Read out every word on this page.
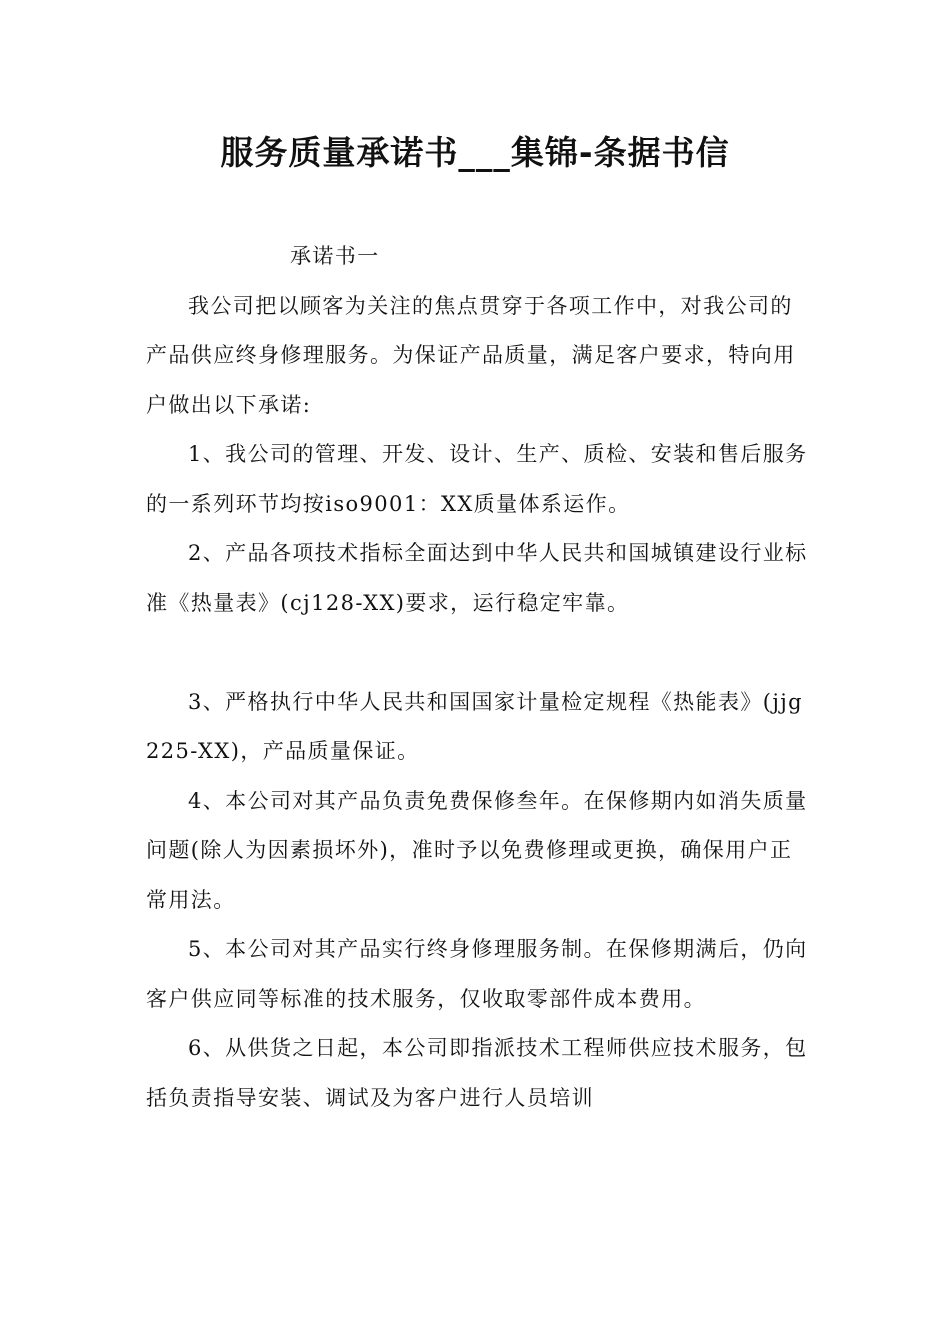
服务质量承诺书___集锦-条据书信

承诺书一

我公司把以顾客为关注的焦点贯穿于各项工作中，对我公司的产品供应终身修理服务。为保证产品质量，满足客户要求，特向用户做出以下承诺:

1、我公司的管理、开发、设计、生产、质检、安装和售后服务的一系列环节均按iso9001：XX质量体系运作。

2、产品各项技术指标全面达到中华人民共和国城镇建设行业标准《热量表》(cj128-XX)要求，运行稳定牢靠。

3、严格执行中华人民共和国国家计量检定规程《热能表》(jjg225-XX)，产品质量保证。

4、本公司对其产品负责免费保修叁年。在保修期内如消失质量问题(除人为因素损坏外)，准时予以免费修理或更换，确保用户正常用法。

5、本公司对其产品实行终身修理服务制。在保修期满后，仍向客户供应同等标准的技术服务，仅收取零部件成本费用。

6、从供货之日起，本公司即指派技术工程师供应技术服务，包括负责指导安装、调试及为客户进行人员培训
